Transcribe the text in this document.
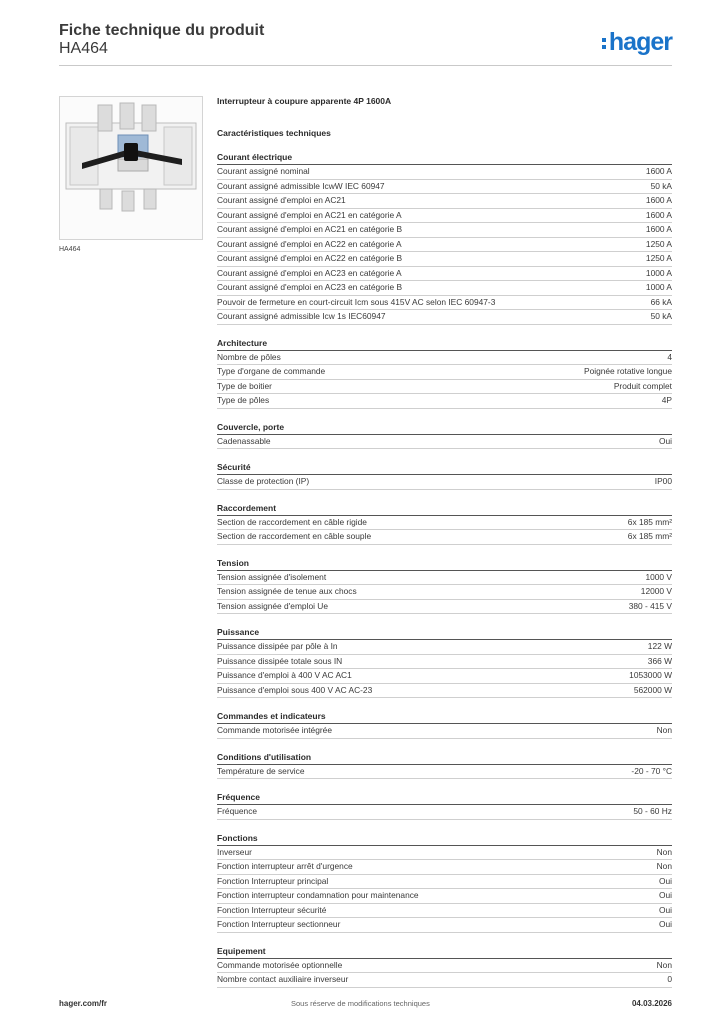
Fiche technique du produit
HA464	hager
HA464
Interrupteur à coupure apparente 4P 1600A
Caractéristiques techniques
Courant électrique
Courant assigné nominal	1600 A
Courant assigné admissible IcwW IEC 60947	50 kA
Courant assigné d'emploi en AC21	1600 A
Courant assigné d'emploi en AC21 en catégorie A	1600 A
Courant assigné d'emploi en AC21 en catégorie B	1600 A
Courant assigné d'emploi en AC22 en catégorie A	1250 A
Courant assigné d'emploi en AC22 en catégorie B	1250 A
Courant assigné d'emploi en AC23 en catégorie A	1000 A
Courant assigné d'emploi en AC23 en catégorie B	1000 A
Pouvoir de fermeture en court-circuit Icm sous 415V AC selon IEC 60947-3	66 kA
Courant assigné admissible Icw 1s IEC60947	50 kA
Architecture
Nombre de pôles	4
Type d'organe de commande	Poignée rotative longue
Type de boitier	Produit complet
Type de pôles	4P
Couvercle, porte
Cadenassable	Oui
Sécurité
Classe de protection (IP)	IP00
Raccordement
Section de raccordement en câble rigide	6x 185 mm²
Section de raccordement en câble souple	6x 185 mm²
Tension
Tension assignée d'isolement	1000 V
Tension assignée de tenue aux chocs	12000 V
Tension assignée d'emploi Ue	380 - 415 V
Puissance
Puissance dissipée par pôle à In	122 W
Puissance dissipée totale sous IN	366 W
Puissance d'emploi à 400 V AC AC1	1053000 W
Puissance d'emploi sous 400 V AC AC-23	562000 W
Commandes et indicateurs
Commande motorisée intégrée	Non
Conditions d'utilisation
Température de service	-20 - 70 °C
Fréquence
Fréquence	50 - 60 Hz
Fonctions
Inverseur	Non
Fonction interrupteur arrêt d'urgence	Non
Fonction Interrupteur principal	Oui
Fonction interrupteur condamnation pour maintenance	Oui
Fonction Interrupteur sécurité	Oui
Fonction Interrupteur sectionneur	Oui
Equipement
Commande motorisée optionnelle	Non
Nombre contact auxiliaire inverseur	0
hager.com/fr	Sous réserve de modifications techniques	04.03.2026
